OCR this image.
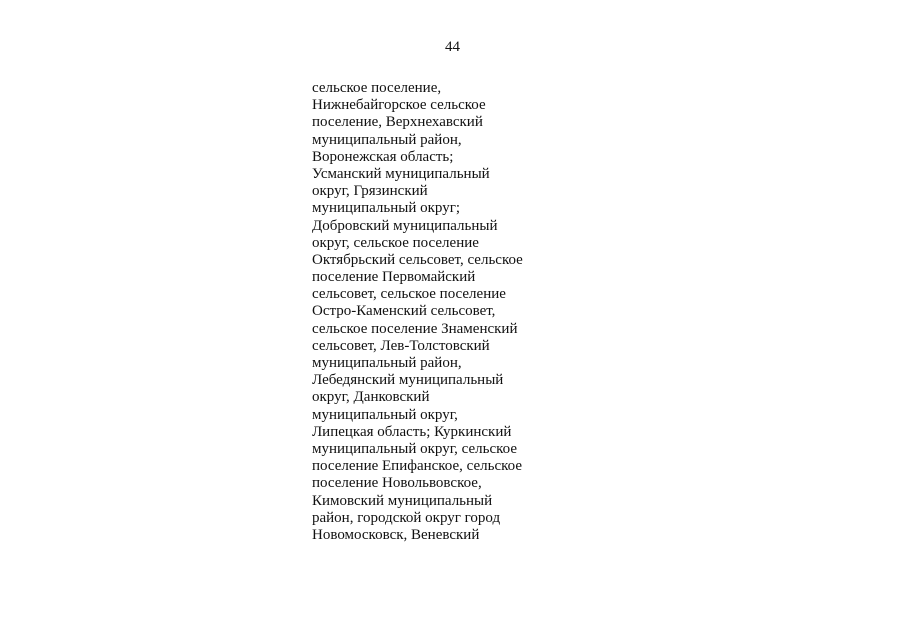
44
сельское поселение,
Нижнебайгорское сельское
поселение, Верхнехавский
муниципальный район,
Воронежская область;
Усманский муниципальный
округ, Грязинский
муниципальный округ;
Добровский муниципальный
округ, сельское поселение
Октябрьский сельсовет, сельское
поселение Первомайский
сельсовет, сельское поселение
Остро-Каменский сельсовет,
сельское поселение Знаменский
сельсовет, Лев-Толстовский
муниципальный район,
Лебедянский муниципальный
округ, Данковский
муниципальный округ,
Липецкая область; Куркинский
муниципальный округ, сельское
поселение Епифанское, сельское
поселение Новольвовское,
Кимовский муниципальный
район, городской округ город
Новомосковск, Веневский
